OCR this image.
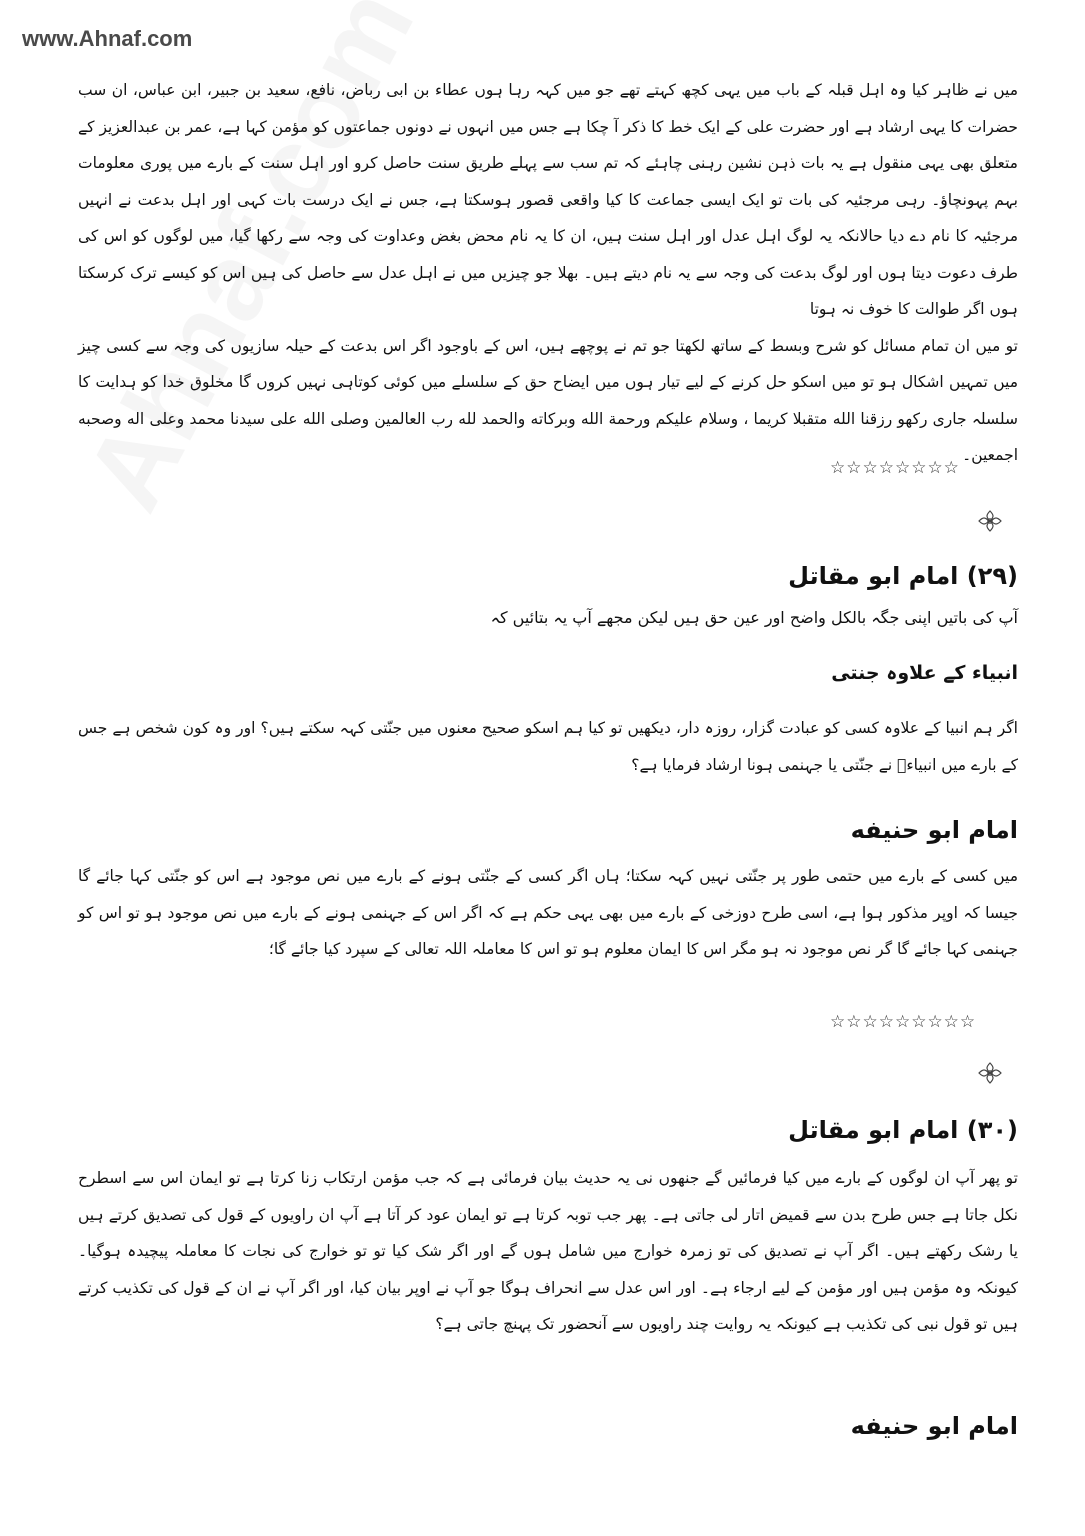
www.Ahnaf.com

میں نے ظاہر کیا وہ اہل قبلہ کے باب میں یہی کچھ کہتے تھے جو میں کہہ رہا ہوں عطاء بن ابی رباض، نافع، سعید بن جبیر، ابن عباس، ان سب حضرات کا یہی ارشاد ہے اور حضرت علی کے ایک خط کا ذکر آ چکا ہے جس میں انہوں نے دونوں جماعتوں کو مؤمن کہا ہے، عمر بن عبدالعزیز کے متعلق بھی یہی منقول ہے یہ بات ذہن نشین رہنی چاہئے کہ تم سب سے پہلے طریق سنت حاصل کرو اور اہل سنت کے بارے میں پوری معلومات بہم پہونچاؤ۔ رہی مرجئیہ کی بات تو ایک ایسی جماعت کا کیا واقعی قصور ہوسکتا ہے، جس نے ایک درست بات کہی اور اہل بدعت نے انہیں مرجئیہ کا نام دے دیا حالانکہ یہ لوگ اہل عدل اور اہل سنت ہیں، ان کا یہ نام محض بغض وعداوت کی وجہ سے رکھا گیا، میں لوگوں کو اس کی طرف دعوت دیتا ہوں اور لوگ بدعت کی وجہ سے یہ نام دیتے ہیں۔ بھلا جو چیزیں میں نے اہل عدل سے حاصل کی ہیں اس کو کیسے ترک کرسکتا ہوں اگر طوالت کا خوف نہ ہوتا

تو میں ان تمام مسائل کو شرح وبسط کے ساتھ لکھتا جو تم نے پوچھے ہیں، اس کے باوجود اگر اس بدعت کے حیلہ سازیوں کی وجہ سے کسی چیز میں تمہیں اشکال ہو تو میں اسکو حل کرنے کے لیے تیار ہوں میں ایضاح حق کے سلسلے میں کوئی کوتاہی نہیں کروں گا مخلوق خدا کو ہدایت کا سلسلہ جاری رکھو رزقنا الله متقبلا کریما ، وسلام عليكم ورحمة الله وبركاته والحمد لله رب العالمين وصلى الله على سيدنا محمد وعلى اله وصحبه اجمعين۔

☆☆☆☆☆☆☆☆
(۲۹) امام ابو مقاتل

آپ کی باتیں اپنی جگہ بالکل واضح اور عین حق ہیں لیکن مجھے آپ یہ بتائیں کہ

انبیاء کے علاوہ جنتی

اگر ہم انبیا کے علاوہ کسی کو عبادت گزار، روزہ دار، دیکھیں تو کیا ہم اسکو صحیح معنوں میں جنّتی کہہ سکتے ہیں؟ اور وہ کون شخص ہے جس کے بارے میں انبیاءؑ نے جنّتی یا جہنمی ہونا ارشاد فرمایا ہے؟

امام ابو حنیفه

میں کسی کے بارے میں حتمی طور پر جنّتی نہیں کہہ سکتا؛ ہاں اگر کسی کے جنّتی ہونے کے بارے میں نص موجود ہے اس کو جنّتی کہا جائے گا جیسا کہ اوپر مذکور ہوا ہے، اسی طرح دوزخی کے بارے میں بھی یہی حکم ہے کہ اگر اس کے جہنمی ہونے کے بارے میں نص موجود ہو تو اس کو جہنمی کہا جائے گا گر نص موجود نہ ہو مگر اس کا ایمان معلوم ہو تو اس کا معاملہ اللہ تعالی کے سپرد کیا جائے گا؛

☆☆☆☆☆☆☆☆☆
(۳۰) امام ابو مقاتل

تو پھر آپ ان لوگوں کے بارے میں کیا فرمائیں گے جنھوں نی یہ حدیث بیان فرمائی ہے کہ جب مؤمن ارتکاب زنا کرتا ہے تو ایمان اس سے اسطرح نکل جاتا ہے جس طرح بدن سے قمیض اتار لی جاتی ہے۔ پھر جب توبہ کرتا ہے تو ایمان عود کر آتا ہے آپ ان راویوں کے قول کی تصدیق کرتے ہیں یا رشک رکھتے ہیں۔ اگر آپ نے تصدیق کی تو زمرہ خوارج میں شامل ہوں گے اور اگر شک کیا تو تو خوارج کی نجات کا معاملہ پیچیدہ ہوگیا۔ کیونکہ وہ مؤمن ہیں اور مؤمن کے لیے ارجاء ہے۔ اور اس عدل سے انحراف ہوگا جو آپ نے اوپر بیان کیا، اور اگر آپ نے ان کے قول کی تکذیب کرتے ہیں تو قول نبی کی تکذیب ہے کیونکہ یہ روایت چند راویوں سے آنحضور تک پہنچ جاتی ہے؟

امام ابو حنیفه
